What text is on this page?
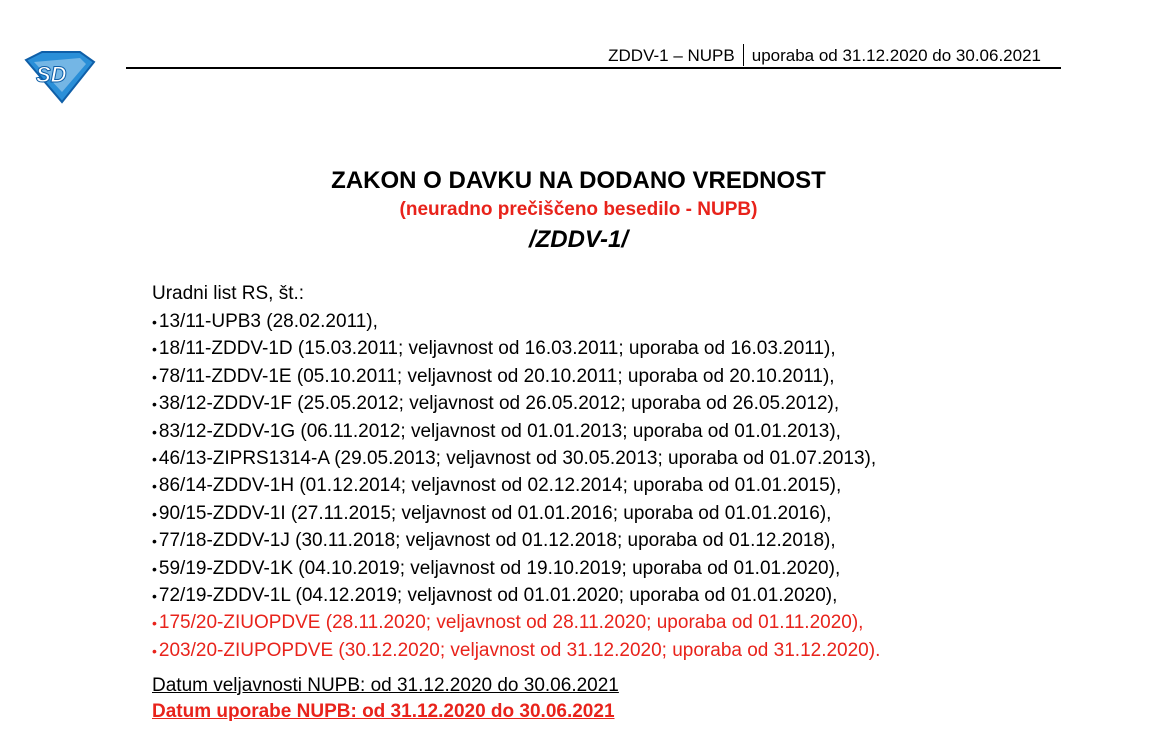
SD
ZDDV-1 – NUPB uporaba od 31.12.2020 do 30.06.2021
ZAKON O DAVKU NA DODANO VREDNOST
(neuradno prečiščeno besedilo - NUPB)
/ZDDV-1/
Uradni list RS, št.:
• 13/11-UPB3 (28.02.2011),
• 18/11-ZDDV-1D (15.03.2011; veljavnost od 16.03.2011; uporaba od 16.03.2011),
• 78/11-ZDDV-1E (05.10.2011; veljavnost od 20.10.2011; uporaba od 20.10.2011),
• 38/12-ZDDV-1F (25.05.2012; veljavnost od 26.05.2012; uporaba od 26.05.2012),
• 83/12-ZDDV-1G (06.11.2012; veljavnost od 01.01.2013; uporaba od 01.01.2013),
• 46/13-ZIPRS1314-A (29.05.2013; veljavnost od 30.05.2013; uporaba od 01.07.2013),
• 86/14-ZDDV-1H (01.12.2014; veljavnost od 02.12.2014; uporaba od 01.01.2015),
• 90/15-ZDDV-1I (27.11.2015; veljavnost od 01.01.2016; uporaba od 01.01.2016),
• 77/18-ZDDV-1J (30.11.2018; veljavnost od 01.12.2018; uporaba od 01.12.2018),
• 59/19-ZDDV-1K (04.10.2019; veljavnost od 19.10.2019; uporaba od 01.01.2020),
• 72/19-ZDDV-1L (04.12.2019; veljavnost od 01.01.2020; uporaba od 01.01.2020),
• 175/20-ZIUOPDVE (28.11.2020; veljavnost od 28.11.2020; uporaba od 01.11.2020),
• 203/20-ZIUPOPDVE (30.12.2020; veljavnost od 31.12.2020; uporaba od 31.12.2020).
Datum veljavnosti NUPB: od 31.12.2020 do 30.06.2021
Datum uporabe NUPB: od 31.12.2020 do 30.06.2021
